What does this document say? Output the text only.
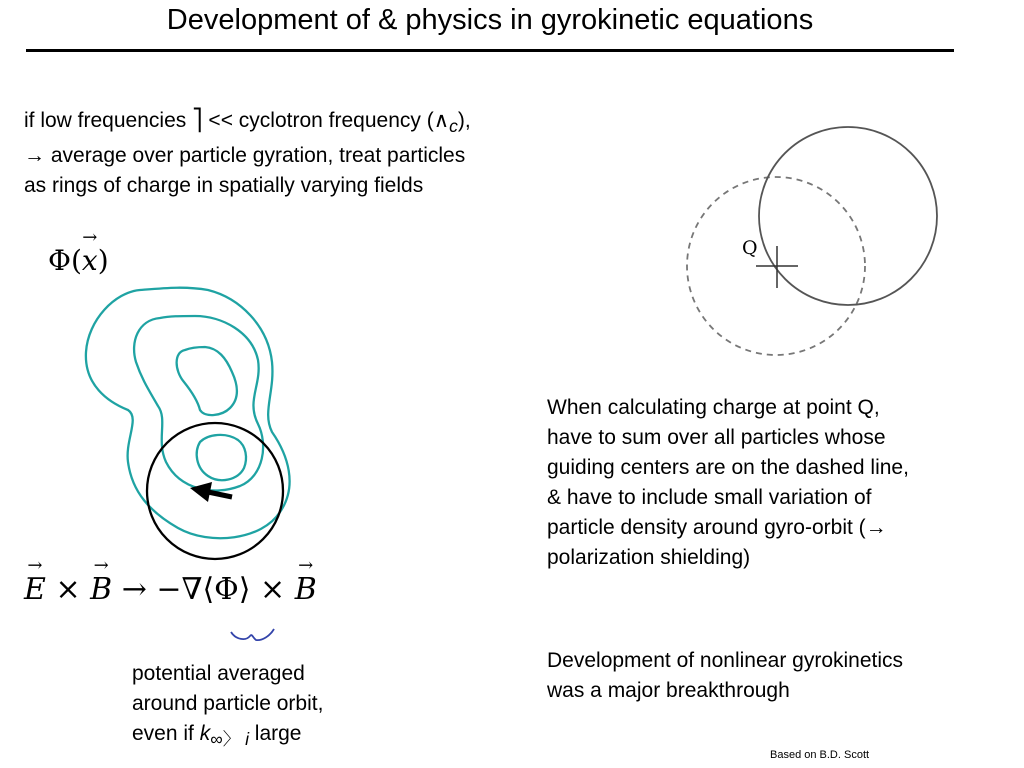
Development of & physics in gyrokinetic equations
if low frequencies ⎤ << cyclotron frequency $(\wedge_c)$,
→ average over particle gyration, treat particles
as rings of charge in spatially varying fields
Φ(→ x)
→ E × → B → −∇⟨Φ⟩ × → B
potential averaged
around particle orbit,
even if $k_{\infty〉}$ $_i$ large
Q
When calculating charge at point Q,
have to sum over all particles whose
guiding centers are on the dashed line,
& have to include small variation of
particle density around gyro-orbit (→
polarization shielding)
Development of nonlinear gyrokinetics
was a major breakthrough
Based on B.D. Scott
